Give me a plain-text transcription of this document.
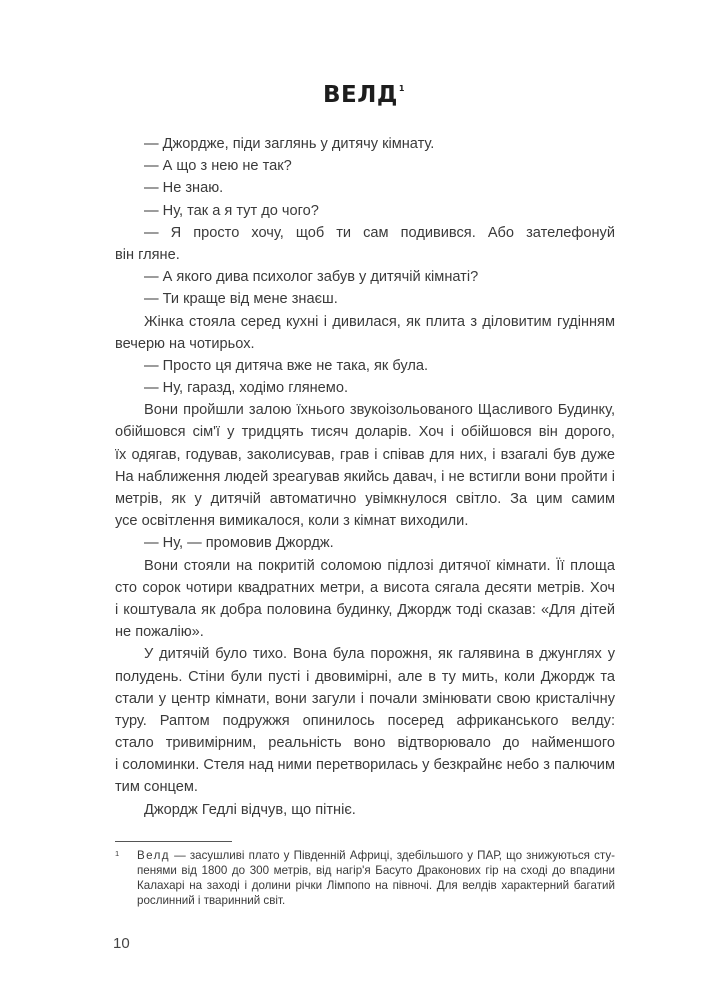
ВЕЛД$^1$
— Джордже, піди заглянь у дитячу кімнату.
— А що з нею не так?
— Не знаю.
— Ну, так а я тут до чого?
— Я просто хочу, щоб ти сам подивився. Або зателефонуй
він гляне.
— А якого дива психолог забув у дитячій кімнаті?
— Ти краще від мене знаєш.
Жінка стояла серед кухні і дивилася, як плита з діловитим гудінням
вечерю на чотирьох.
— Просто ця дитяча вже не така, як була.
— Ну, гаразд, ходімо глянемо.
Вони пройшли залою їхнього звукоізольованого Щасливого Будинку,
обійшовся сім'ї у тридцять тисяч доларів. Хоч і обійшовся він дорого,
їх одягав, годував, заколисував, грав і співав для них, і взагалі був дуже
На наближення людей зреагував якийсь давач, і не встигли вони пройти і
метрів, як у дитячій автоматично увімкнулося світло. За цим самим
усе освітлення вимикалося, коли з кімнат виходили.
— Ну, — промовив Джордж.
Вони стояли на покритій соломою підлозі дитячої кімнати. Її площа
сто сорок чотири квадратних метри, а висота сягала десяти метрів. Хоч
і коштувала як добра половина будинку, Джордж тоді сказав: «Для дітей
не пожалію».
У дитячій було тихо. Вона була порожня, як галявина в джунглях у
полудень. Стіни були пусті і двовимірні, але в ту мить, коли Джордж та
стали у центр кімнати, вони загули і почали змінювати свою кристалічну
туру. Раптом подружжя опинилось посеред африканського велду:
стало тривимірним, реальність воно відтворювало до найменшого
і соломинки. Стеля над ними перетворилась у безкрайнє небо з палючим
тим сонцем.
Джордж Гедлі відчув, що пітніє.
1 Велд — засушливі плато у Південній Африці, здебільшого у ПАР, що знижуються сту-
пенями від 1800 до 300 метрів, від нагір'я Басуто Драконових гір на сході до впадини
Калахарі на заході і долини річки Лімпопо на півночі. Для велдів характерний багатий
рослинний і тваринний світ.
10
